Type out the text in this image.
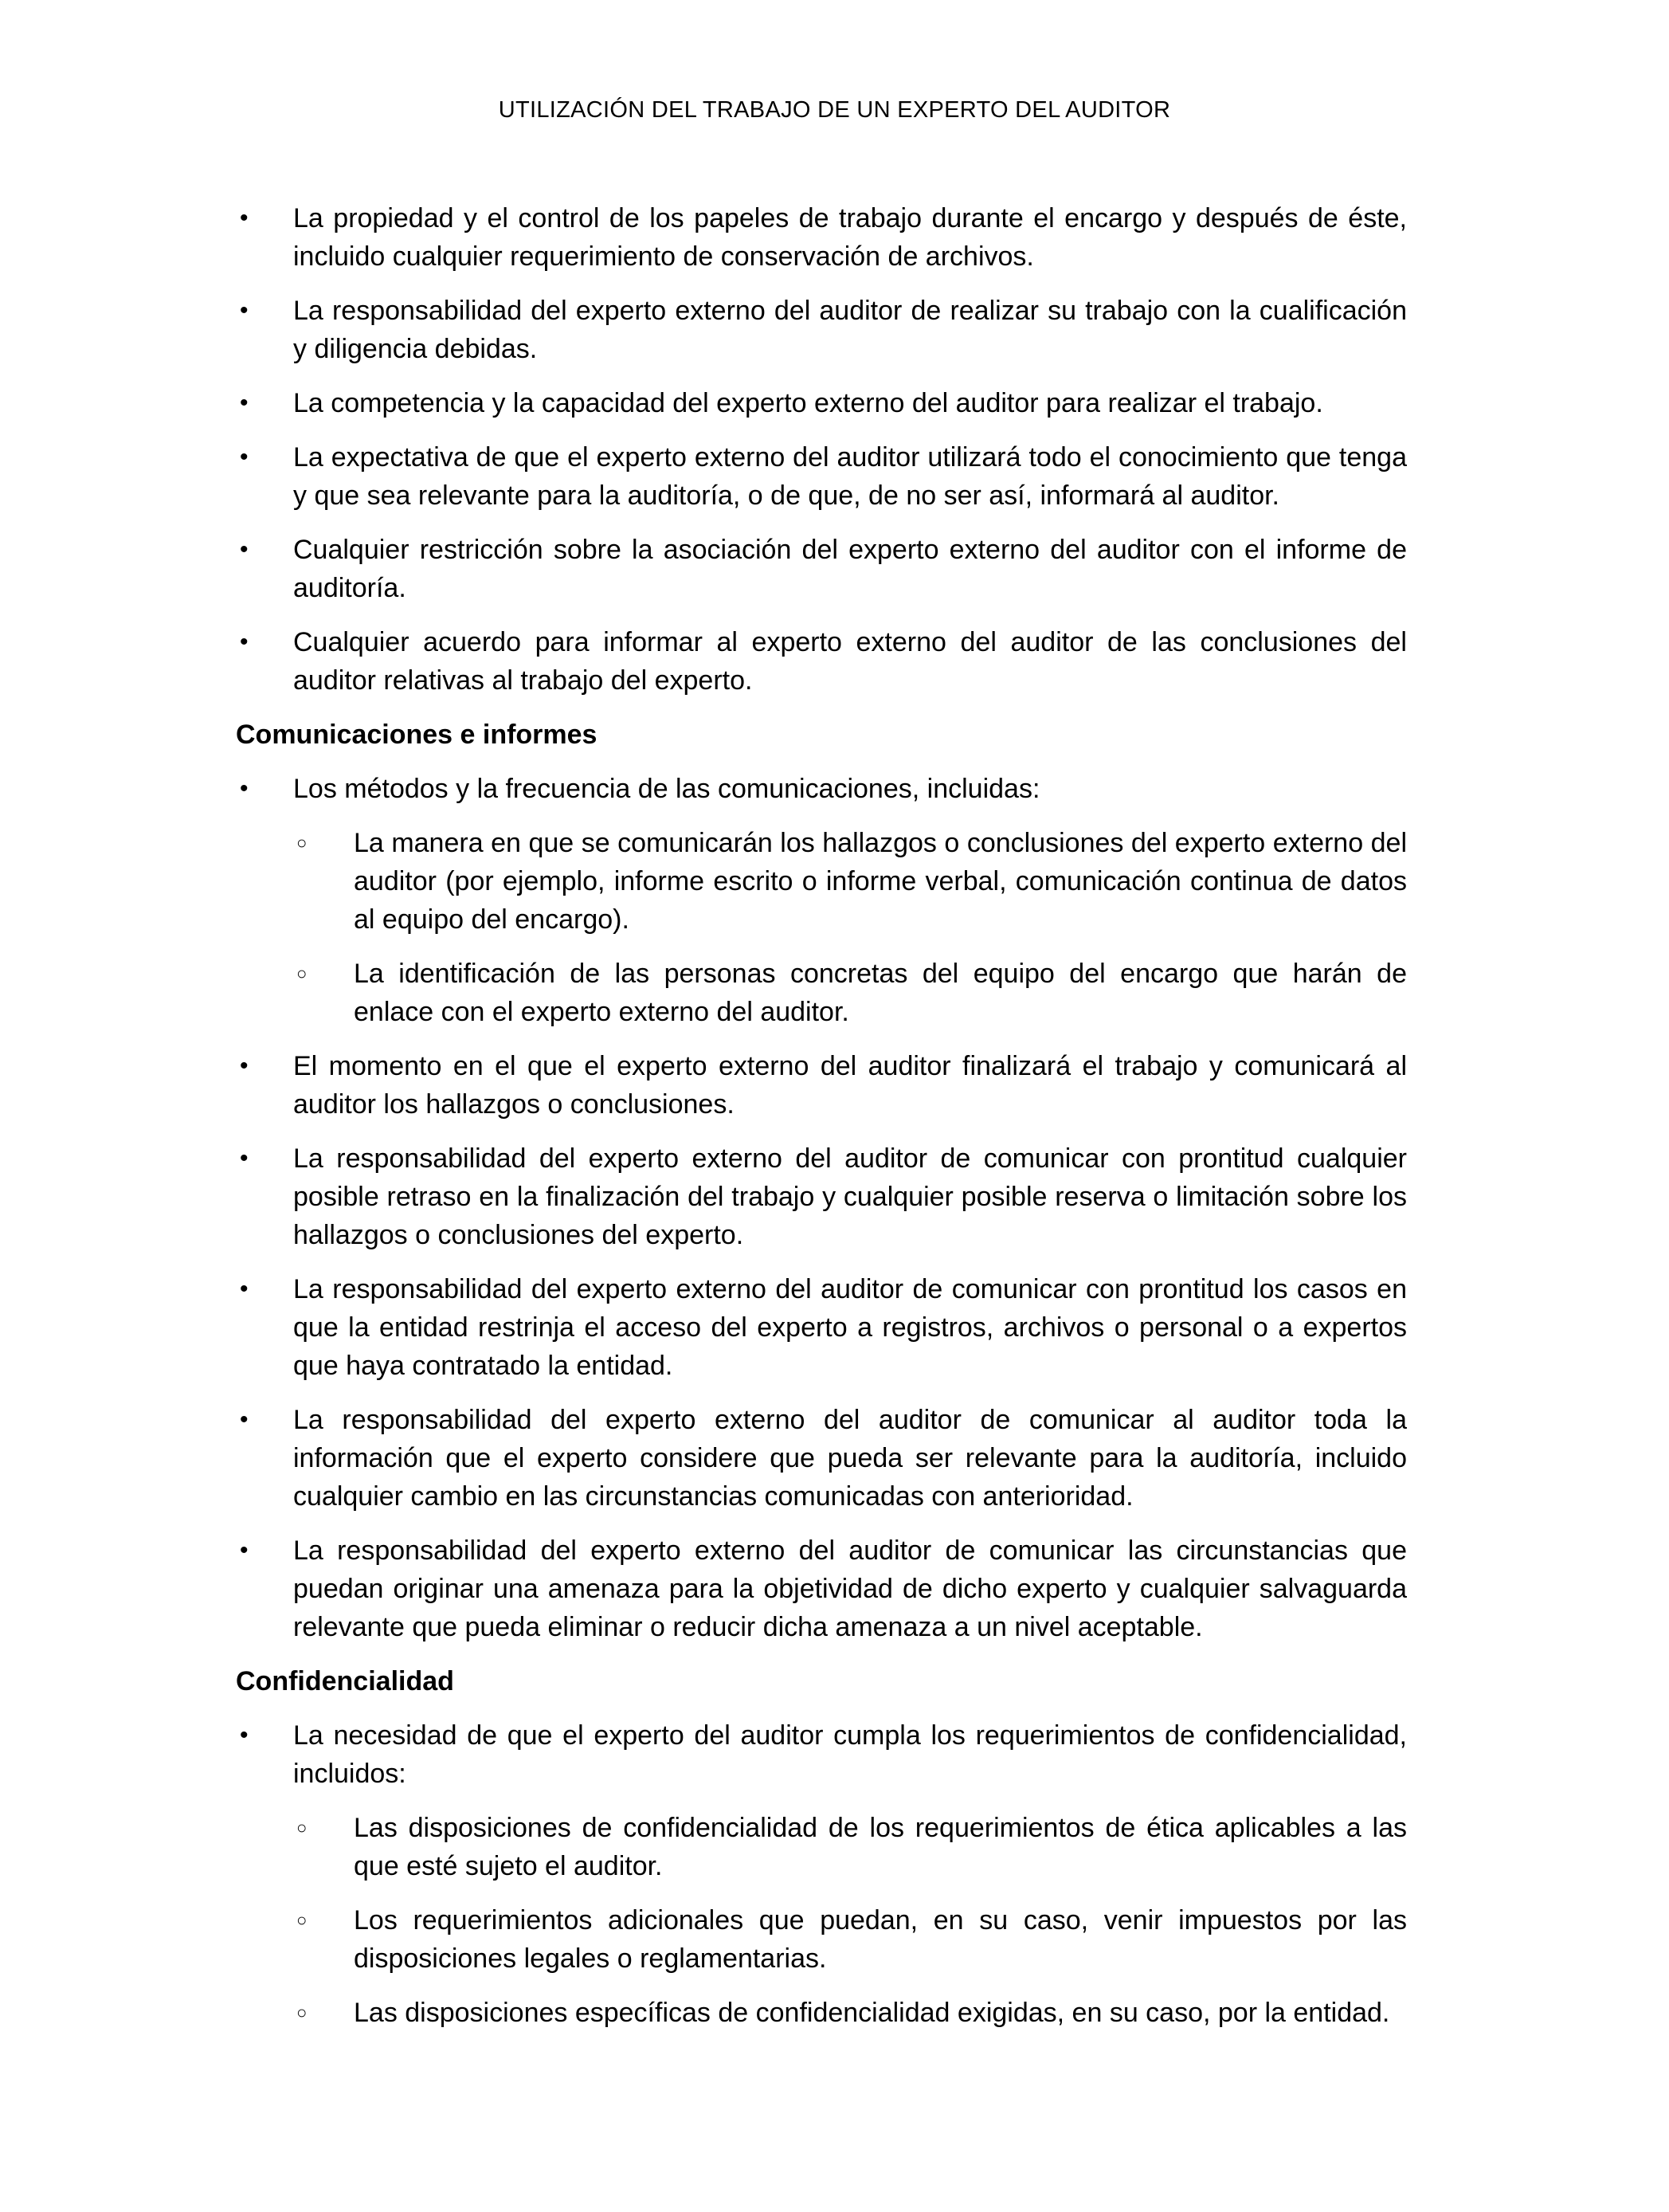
UTILIZACIÓN DEL TRABAJO DE UN EXPERTO DEL AUDITOR
• La propiedad y el control de los papeles de trabajo durante el encargo y después de éste, incluido cualquier requerimiento de conservación de archivos.
• La responsabilidad del experto externo del auditor de realizar su trabajo con la cualificación y diligencia debidas.
• La competencia y la capacidad del experto externo del auditor para realizar el trabajo.
• La expectativa de que el experto externo del auditor utilizará todo el conocimiento que tenga y que sea relevante para la auditoría, o de que, de no ser así, informará al auditor.
• Cualquier restricción sobre la asociación del experto externo del auditor con el informe de auditoría.
• Cualquier acuerdo para informar al experto externo del auditor de las conclusiones del auditor relativas al trabajo del experto.
Comunicaciones e informes
• Los métodos y la frecuencia de las comunicaciones, incluidas:
○ La manera en que se comunicarán los hallazgos o conclusiones del experto externo del auditor (por ejemplo, informe escrito o informe verbal, comunicación continua de datos al equipo del encargo).
○ La identificación de las personas concretas del equipo del encargo que harán de enlace con el experto externo del auditor.
• El momento en el que el experto externo del auditor finalizará el trabajo y comunicará al auditor los hallazgos o conclusiones.
• La responsabilidad del experto externo del auditor de comunicar con prontitud cualquier posible retraso en la finalización del trabajo y cualquier posible reserva o limitación sobre los hallazgos o conclusiones del experto.
• La responsabilidad del experto externo del auditor de comunicar con prontitud los casos en que la entidad restrinja el acceso del experto a registros, archivos o personal o a expertos que haya contratado la entidad.
• La responsabilidad del experto externo del auditor de comunicar al auditor toda la información que el experto considere que pueda ser relevante para la auditoría, incluido cualquier cambio en las circunstancias comunicadas con anterioridad.
• La responsabilidad del experto externo del auditor de comunicar las circunstancias que puedan originar una amenaza para la objetividad de dicho experto y cualquier salvaguarda relevante que pueda eliminar o reducir dicha amenaza a un nivel aceptable.
Confidencialidad
• La necesidad de que el experto del auditor cumpla los requerimientos de confidencialidad, incluidos:
○ Las disposiciones de confidencialidad de los requerimientos de ética aplicables a las que esté sujeto el auditor.
○ Los requerimientos adicionales que puedan, en su caso, venir impuestos por las disposiciones legales o reglamentarias.
○ Las disposiciones específicas de confidencialidad exigidas, en su caso, por la entidad.
